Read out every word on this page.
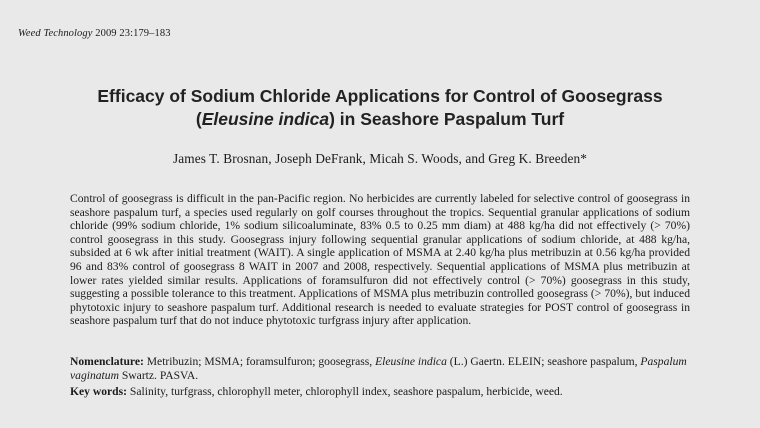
Weed Technology 2009 23:179–183
Efficacy of Sodium Chloride Applications for Control of Goosegrass
(Eleusine indica) in Seashore Paspalum Turf
James T. Brosnan, Joseph DeFrank, Micah S. Woods, and Greg K. Breeden*

Control of goosegrass is difficult in the pan-Pacific region. No herbicides are currently labeled for selective control of goosegrass in seashore paspalum turf, a species used regularly on golf courses throughout the tropics. Sequential granular applications of sodium chloride (99% sodium chloride, 1% sodium silicoaluminate, 83% 0.5 to 0.25 mm diam) at 488 kg/ha did not effectively (> 70%) control goosegrass in this study. Goosegrass injury following sequential granular applications of sodium chloride, at 488 kg/ha, subsided at 6 wk after initial treatment (WAIT). A single application of MSMA at 2.40 kg/ha plus metribuzin at 0.56 kg/ha provided 96 and 83% control of goosegrass 8 WAIT in 2007 and 2008, respectively. Sequential applications of MSMA plus metribuzin at lower rates yielded similar results. Applications of foramsulfuron did not effectively control (> 70%) goosegrass in this study, suggesting a possible tolerance to this treatment. Applications of MSMA plus metribuzin controlled goosegrass (> 70%), but induced phytotoxic injury to seashore paspalum turf. Additional research is needed to evaluate strategies for POST control of goosegrass in seashore paspalum turf that do not induce phytotoxic turfgrass injury after application.

Nomenclature: Metribuzin; MSMA; foramsulfuron; goosegrass, Eleusine indica (L.) Gaertn. ELEIN; seashore paspalum, Paspalum vaginatum Swartz. PASVA.

Key words: Salinity, turfgrass, chlorophyll meter, chlorophyll index, seashore paspalum, herbicide, weed.
